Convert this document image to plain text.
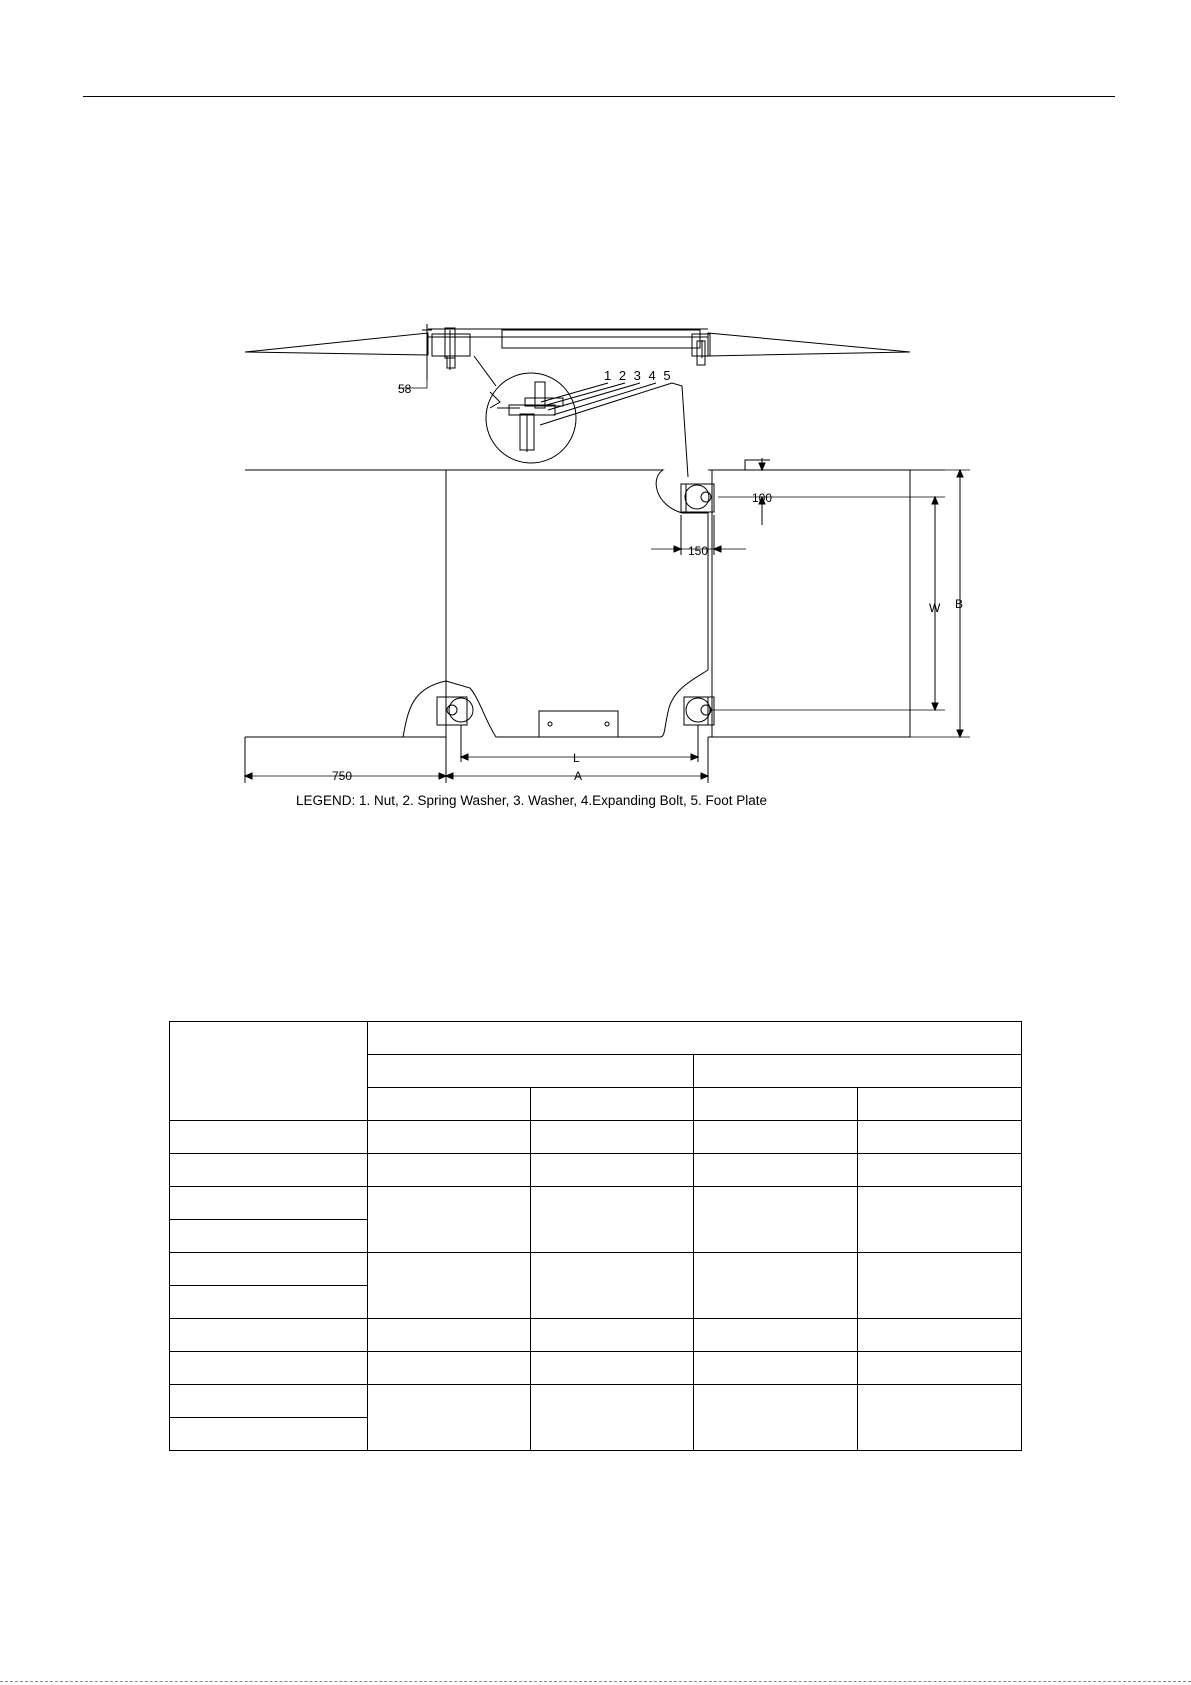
58
1 2 3 4 5
100
150
W B
L
750	A
LEGEND: 1. Nut, 2. Spring Washer, 3. Washer, 4.Expanding Bolt, 5. Foot Plate
